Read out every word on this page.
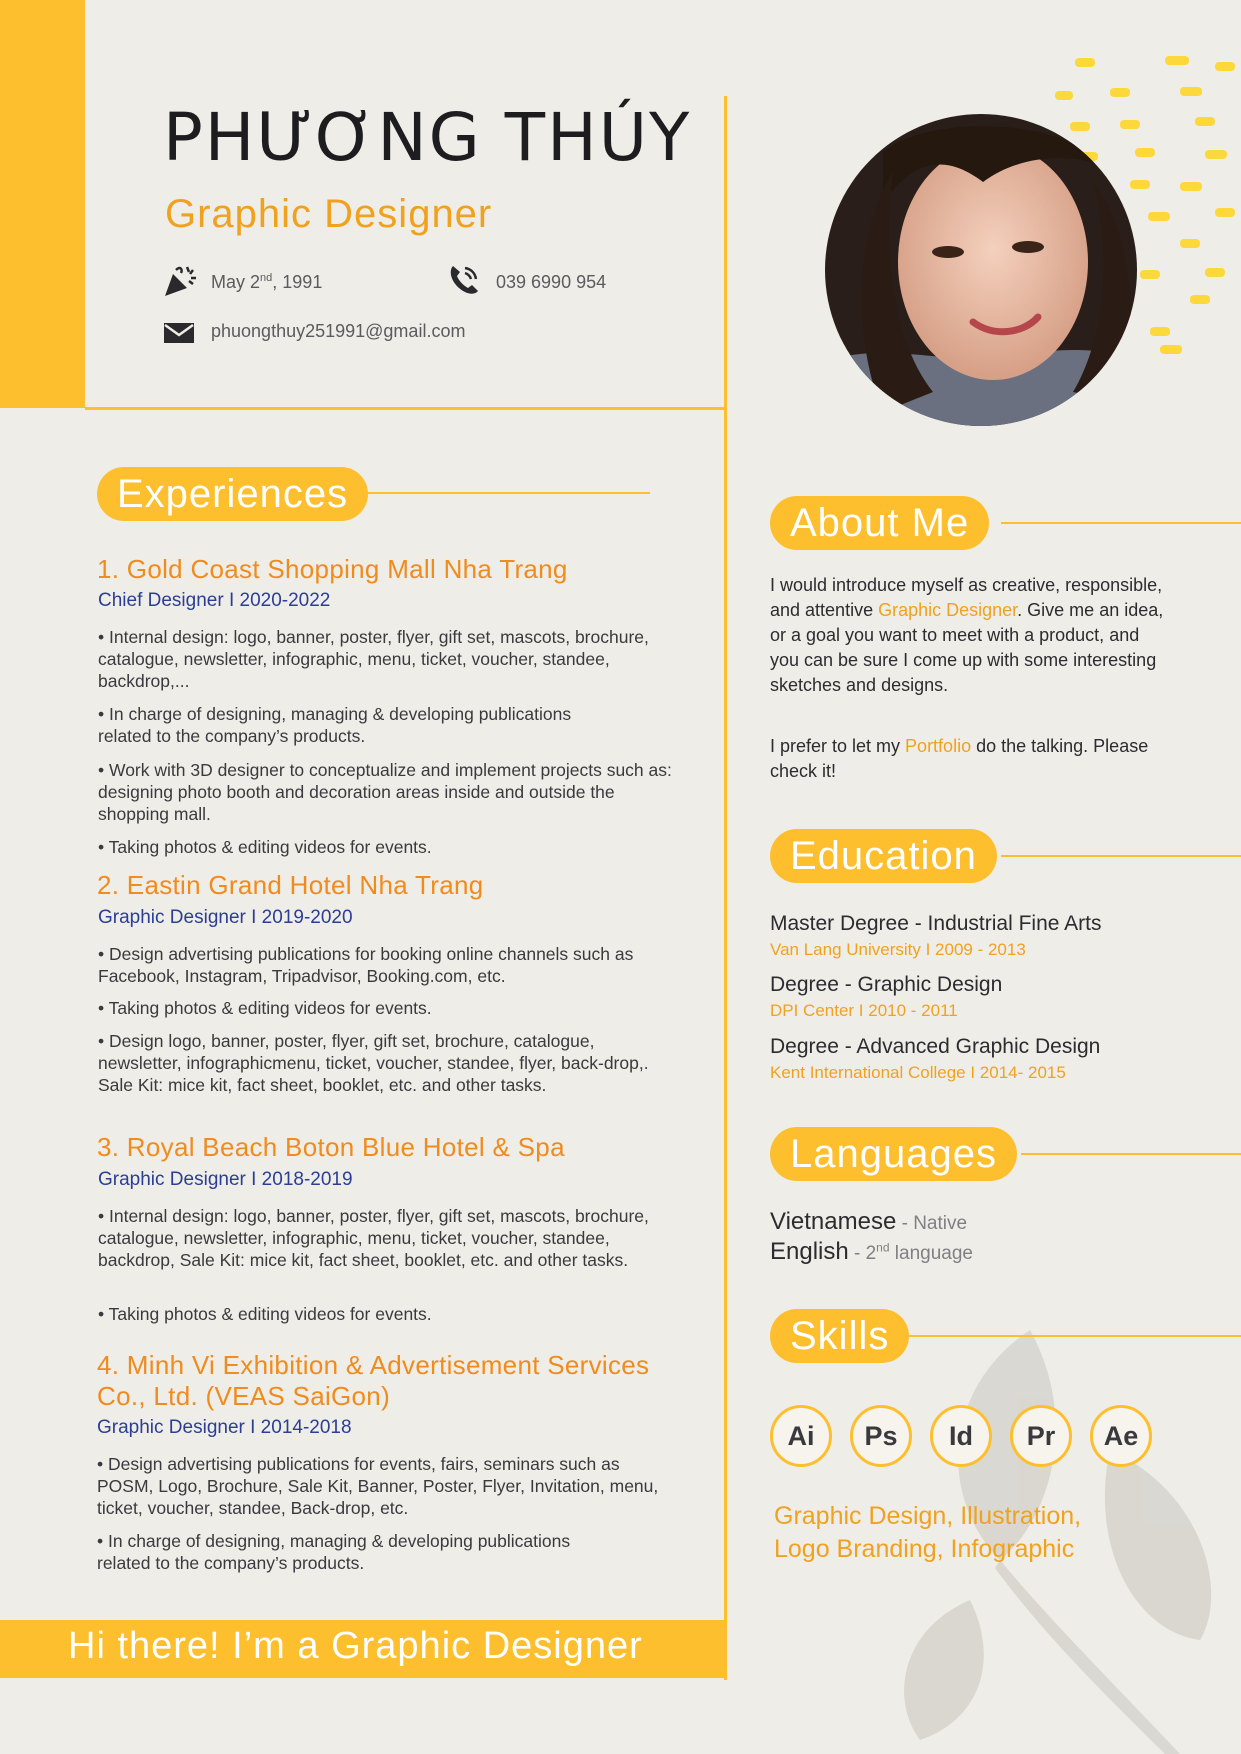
PHƯƠNG THÚY
Graphic Designer
May 2nd, 1991	039 6990 954
phuongthuy251991@gmail.com
Experiences
1. Gold Coast Shopping Mall Nha Trang
Chief Designer I 2020-2022
• Internal design: logo, banner, poster, flyer, gift set, mascots, brochure, catalogue, newsletter, infographic, menu, ticket, voucher, standee, backdrop,...
• In charge of designing, managing & developing publications related to the company’s products.
• Work with 3D designer to conceptualize and implement projects such as: designing photo booth and decoration areas inside and outside the shopping mall.
• Taking photos & editing videos for events.
2. Eastin Grand Hotel Nha Trang
Graphic Designer I 2019-2020
• Design advertising publications for booking online channels such as Facebook, Instagram, Tripadvisor, Booking.com, etc.
• Taking photos & editing videos for events.
• Design logo, banner, poster, flyer, gift set, brochure, catalogue, newsletter, infographicmenu, ticket, voucher, standee, flyer, back-drop,. Sale Kit: mice kit, fact sheet, booklet, etc. and other tasks.
3. Royal Beach Boton Blue Hotel & Spa
Graphic Designer I 2018-2019
• Internal design: logo, banner, poster, flyer, gift set, mascots, brochure, catalogue, newsletter, infographic, menu, ticket, voucher, standee, backdrop, Sale Kit: mice kit, fact sheet, booklet, etc. and other tasks.
• Taking photos & editing videos for events.
4. Minh Vi Exhibition & Advertisement Services Co., Ltd. (VEAS SaiGon)
Graphic Designer I 2014-2018
• Design advertising publications for events, fairs, seminars such as POSM, Logo, Brochure, Sale Kit, Banner, Poster, Flyer, Invitation, menu, ticket, voucher, standee, Back-drop, etc.
• In charge of designing, managing & developing publications related to the company’s products.
About Me
I would introduce myself as creative, responsible, and attentive Graphic Designer. Give me an idea, or a goal you want to meet with a product, and you can be sure I come up with some interesting sketches and designs.
I prefer to let my Portfolio do the talking. Please check it!
Education
Master Degree - Industrial Fine Arts
Van Lang University I 2009 - 2013
Degree - Graphic Design
DPI Center I 2010 - 2011
Degree - Advanced Graphic Design
Kent International College I 2014- 2015
Languages
Vietnamese - Native
English - 2nd language
Skills
Ai	Ps	Id	Pr	Ae
Graphic Design, Illustration,
Logo Branding, Infographic
Hi there! I’m a Graphic Designer
